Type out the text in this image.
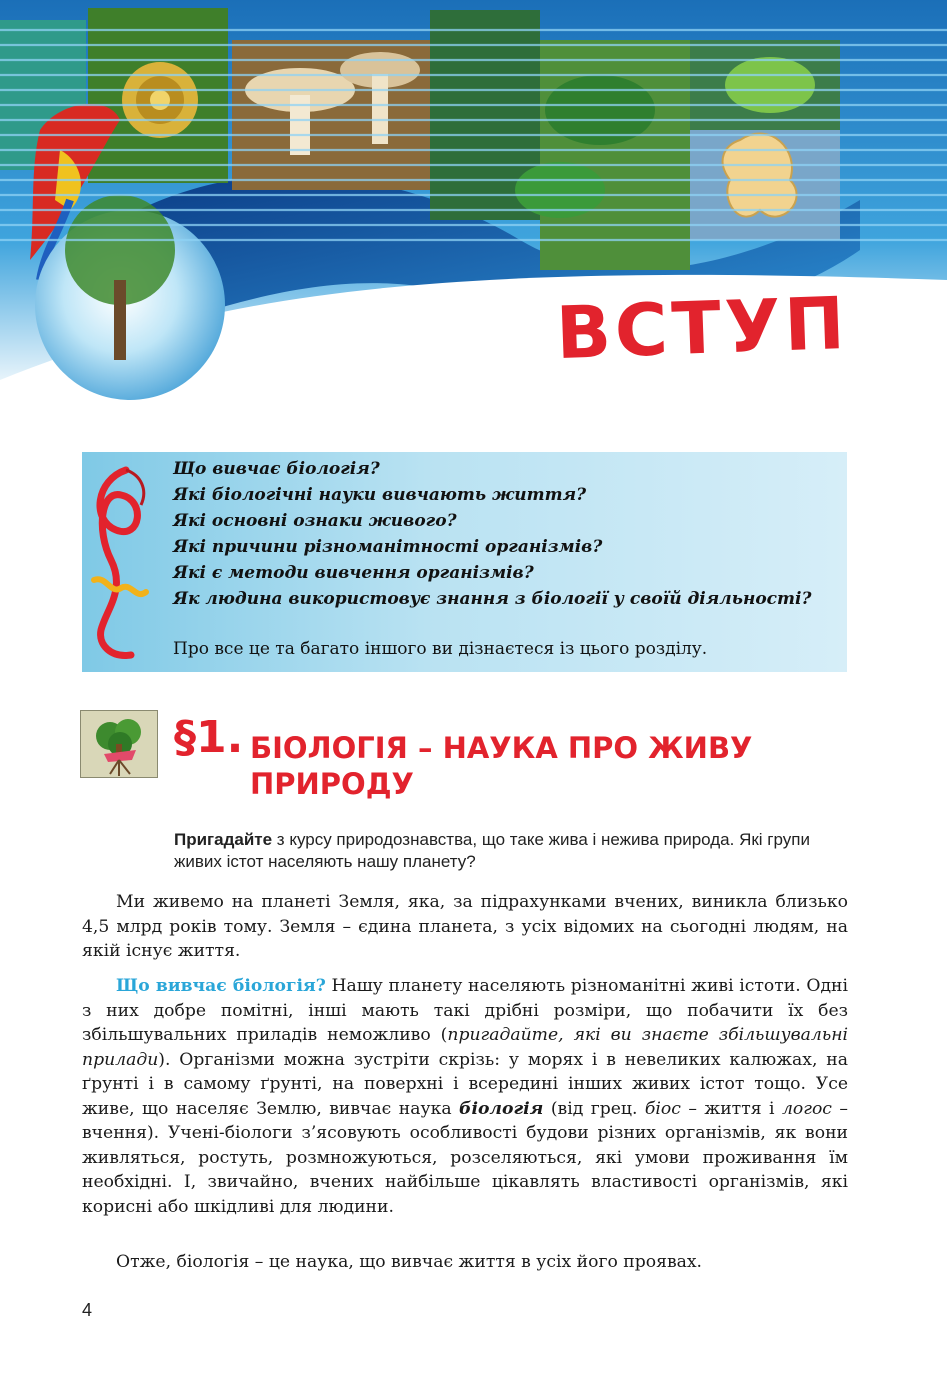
ВСТУП
Що вивчає біологія?
Які біологічні науки вивчають життя?
Які основні ознаки живого?
Які причини різноманітності організмів?
Які є методи вивчення організмів?
Як людина використовує знання з біології у своїй діяльності?
Про все це та багато іншого ви дізнаєтеся із цього розділу.
§1. БІОЛОГІЯ – НАУКА ПРО ЖИВУ ПРИРОДУ
Пригадайте з курсу природознавства, що таке жива і нежива природа. Які групи живих істот населяють нашу планету?

Ми живемо на планеті Земля, яка, за підрахунками вчених, виникла близько 4,5 млрд років тому. Земля – єдина планета, з усіх відомих на сьогодні людям, на якій існує життя.

Що вивчає біологія? Нашу планету населяють різноманітні живі істоти. Одні з них добре помітні, інші мають такі дрібні розміри, що побачити їх без збільшувальних приладів неможливо (пригадайте, які ви знаєте збільшувальні прилади). Організми можна зустріти скрізь: у морях і в невеликих калюжах, на ґрунті і в самому ґрунті, на поверхні і всередині інших живих істот тощо. Усе живе, що населяє Землю, вивчає наука біологія (від грец. біос – життя і логос – вчення). Учені-біологи з’ясовують особливості будови різних організмів, як вони живляться, ростуть, розмножуються, розселяються, які умови проживання їм необхідні. І, звичайно, вчених найбільше цікавлять властивості організмів, які корисні або шкідливі для людини.

Отже, біологія – це наука, що вивчає життя в усіх його проявах.

4
